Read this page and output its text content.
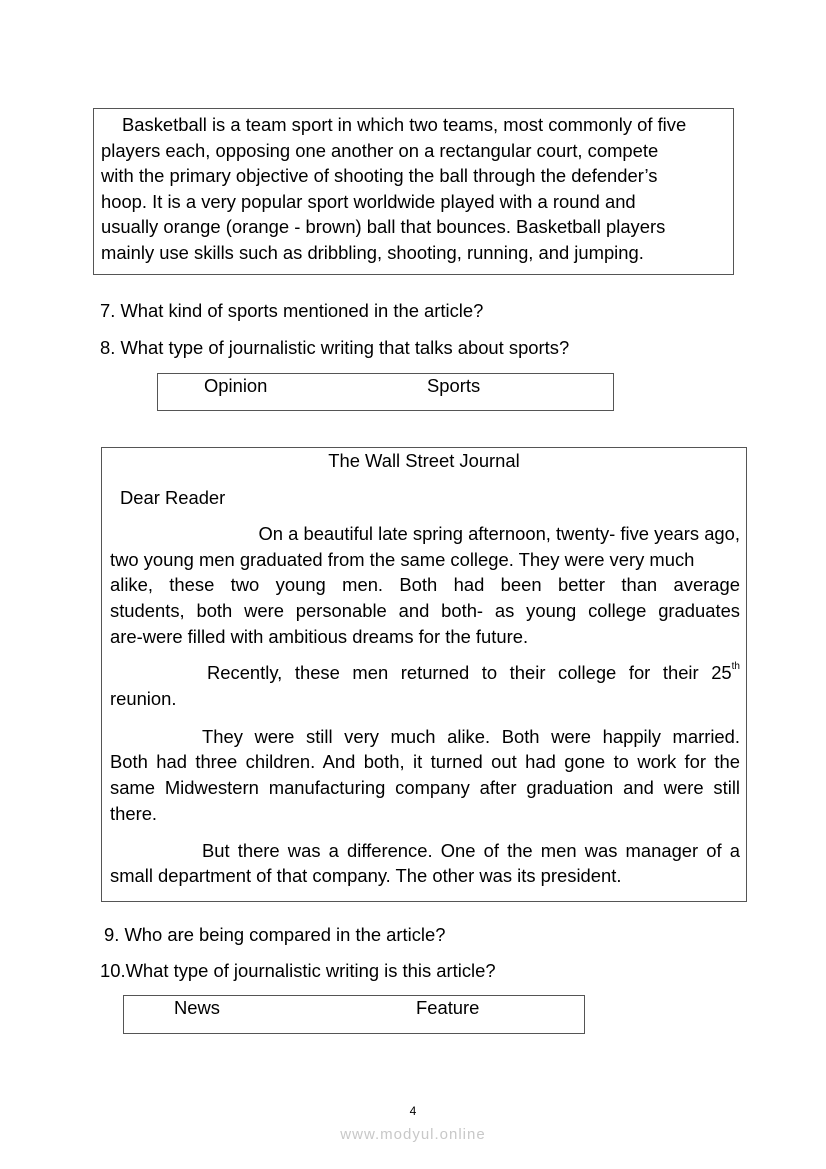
Basketball is a team sport in which two teams, most commonly of five
players each, opposing one another on a rectangular court, compete
with the primary objective of shooting the ball through the defender’s
hoop. It is a very popular sport worldwide played with a round and
usually orange (orange - brown) ball that bounces. Basketball players
mainly use skills such as dribbling, shooting, running, and jumping.
7. What kind of sports mentioned in the article?
8. What type of journalistic writing that talks about sports?
Opinion	Sports
The Wall Street Journal
Dear Reader
On a beautiful late spring afternoon, twenty- five years ago,
two young men graduated from the same college. They were very much
alike, these two young men. Both had been better than average
students, both were personable and both- as young college graduates
are-were filled with ambitious dreams for the future.
Recently, these men returned to their college for their 25th
reunion.
They were still very much alike. Both were happily married.
Both had three children. And both, it turned out had gone to work for the
same Midwestern manufacturing company after graduation and were still
there.
But there was a difference. One of the men was manager of a
small department of that company. The other was its president.
9. Who are being compared in the article?
10.What type of journalistic writing is this article?
News	Feature
4
www.modyul.online
